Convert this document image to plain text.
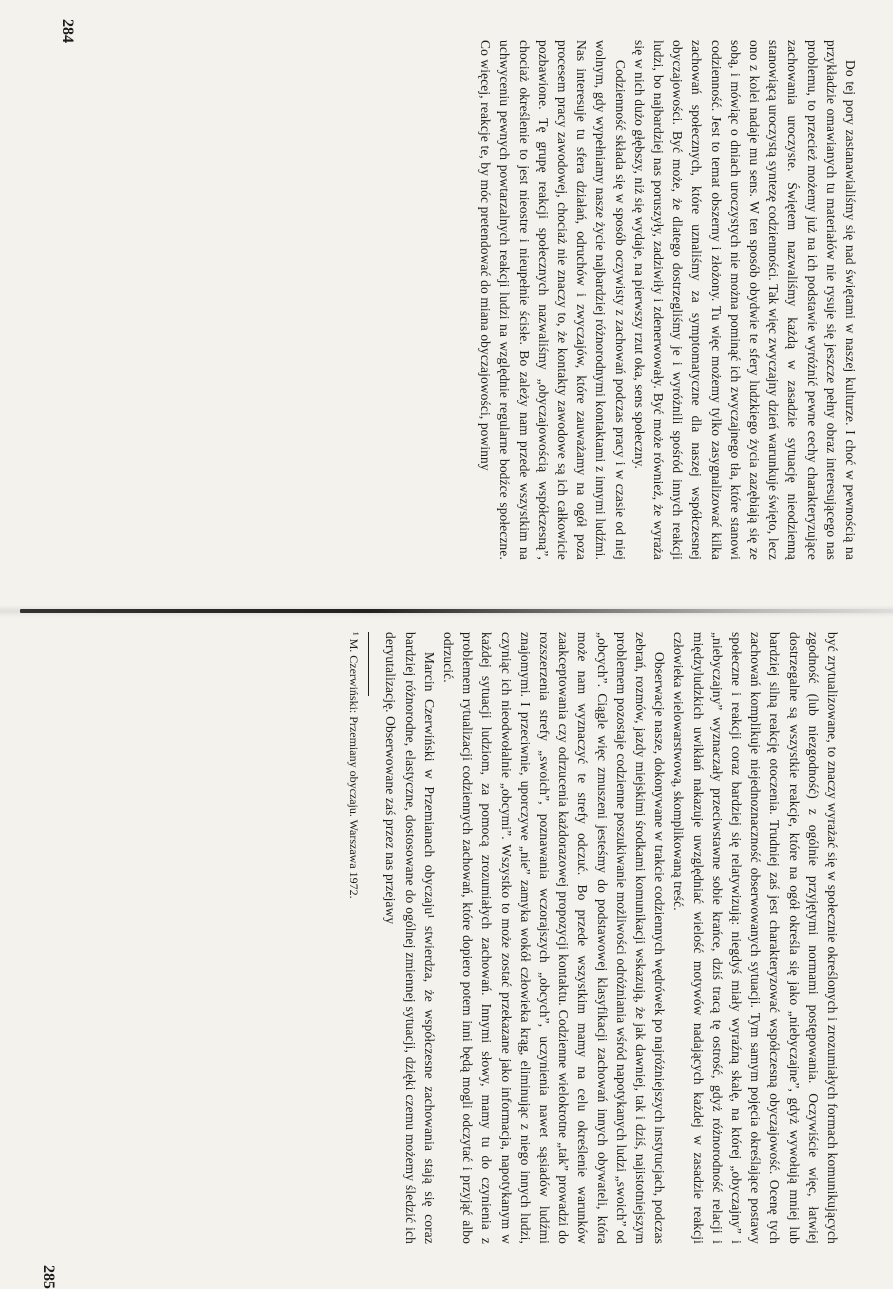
Do tej pory zastanawialiśmy się nad świętami w naszej kulturze. I choć w pewnością na przykładzie omawianych tu materiałów nie rysuje się jeszcze pełny obraz interesującego nas problemu, to przecież możemy już na ich podstawie wyróżnić pewne cechy charakteryzujące zachowania uroczyste. Świętem nazwaliśmy każdą w zasadzie sytuację nieodzienną stanowiącą uroczystą syntezę codzienności. Tak więc zwyczajny dzień warunkuje święto, lecz ono z kolei nadaje mu sens. W ten sposób obydwie te sfery ludzkiego życia zazębiają się ze sobą, i mówiąc o dniach uroczystych nie można pominąć ich zwyczajnego tła, które stanowi codzienność. Jest to temat obszerny i złożony. Tu więc możemy tylko zasygnalizować kilka zachowań społecznych, które uznaliśmy za symptomatyczne dla naszej współczesnej obyczajowości. Być może, że dlatego dostrzegliśmy je i wyróżnili spośród innych reakcji ludzi, bo najbardziej nas poruszyły, zadziwiły i zdenerwowały. Być może również, że wyraża się w nich dużo głębszy, niż się wydaje, na pierwszy rzut oka, sens społeczny.

Codzienność składa się w sposób oczywisty z zachowań podczas pracy i w czasie od niej wolnym, gdy wypełniamy nasze życie najbardziej różnorodnymi kontaktami z innymi ludźmi. Nas interesuje tu sfera działań, odruchów i zwyczajów, które zauważamy na ogół poza procesem pracy zawodowej, chociaż nie znaczy to, że kontakty zawodowe są ich całkowicie pozbawione. Tę grupę reakcji społecznych nazwaliśmy „obyczajowością współczesną”, chociaż określenie to jest nieostre i nieupełnie ścisłe. Bo zależy nam przede wszystkim na uchwyceniu pewnych powtarzalnych reakcji ludzi na względnie regularne bodźce społeczne. Co więcej, reakcje te, by móc pretendować do miana obyczajowości, powinny

284

być zrytualizowane, to znaczy wyrażać się w społecznie określonych i zrozumiałych formach komunikujących zgodność (lub niezgodność) z ogólnie przyjętymi normami postępowania. Oczywiście więc, łatwiej dostrzegalne są wszystkie reakcje, które na ogół określa się jako „niebyczajne”, gdyż wywołują mniej lub bardziej silną reakcję otoczenia. Trudniej zaś jest charakteryzować współczesną obyczajowość. Ocenę tych zachowań komplikuje niejednoznaczność obserwowanych sytuacji. Tym samym pojęcia określające postawy społeczne i reakcji coraz bardziej się relatywizują: niegdyś miały wyraźną skalę, na której „obyczajny” i „niebyczajny” wyznaczały przeciwstawne sobie krańce, dziś tracą tę ostrość, gdyż różnorodność relacji i międzyludzkich uwikłań nakazuje uwzględniać wielość motywów nadających każdej w zasadzie reakcji człowieka wielowarstwową, skomplikowaną treść.

Obserwacje nasze, dokonywane w trakcie codziennych wędrówek po najróżniejszych instytucjach, podczas zebrań, rozmów, jazdy miejskimi środkami komunikacji wskazują, że jak dawniej, tak i dziś, najistotniejszym problemem pozostaje codzienne poszukiwanie możliwości odróżniania wśród napotykanych ludzi „swoich” od „obcych”. Ciągle więc zmuszeni jesteśmy do podstawowej klasyfikacji zachowań innych obywateli, która może nam wyznaczyć te strefy odczuć. Bo przede wszystkim mamy na celu określenie warunków zaakceptowania czy odrzucenia każdorazowej propozycji kontaktu. Codzienne wielokrotne „tak” prowadzi do rozszerzenia strefy „swoich”, poznawania wczorajszych „obcych”, uczynienia nawet sąsiadów ludźmi znajomymi. I przeciwnie, uporczywe „nie” zamyka wokół człowieka krąg, eliminując z niego innych ludzi, czyniąc ich nieodwołalnie „obcymi”. Wszystko to może zostać przekazane jako informacja, napotykanym w każdej sytuacji ludziom, za pomocą zrozumiałych zachowań. Innymi słowy, mamy tu do czynienia z problemem rytualizacji codziennych zachowań, które dopiero potem inni będą mogli odczytać i przyjąć albo odrzucić.

Marcin Czerwiński w Przemianach obyczaju¹ stwierdza, że współczesne zachowania stają się coraz bardziej różnorodne, elastyczne, dostosowane do ogólnej zmiennej sytuacji, dzięki czemu możemy śledzić ich deryutalizację. Obserwowane zaś przez nas przejawy

¹ M. Czerwiński: Przemiany obyczaju. Warszawa 1972.

285
